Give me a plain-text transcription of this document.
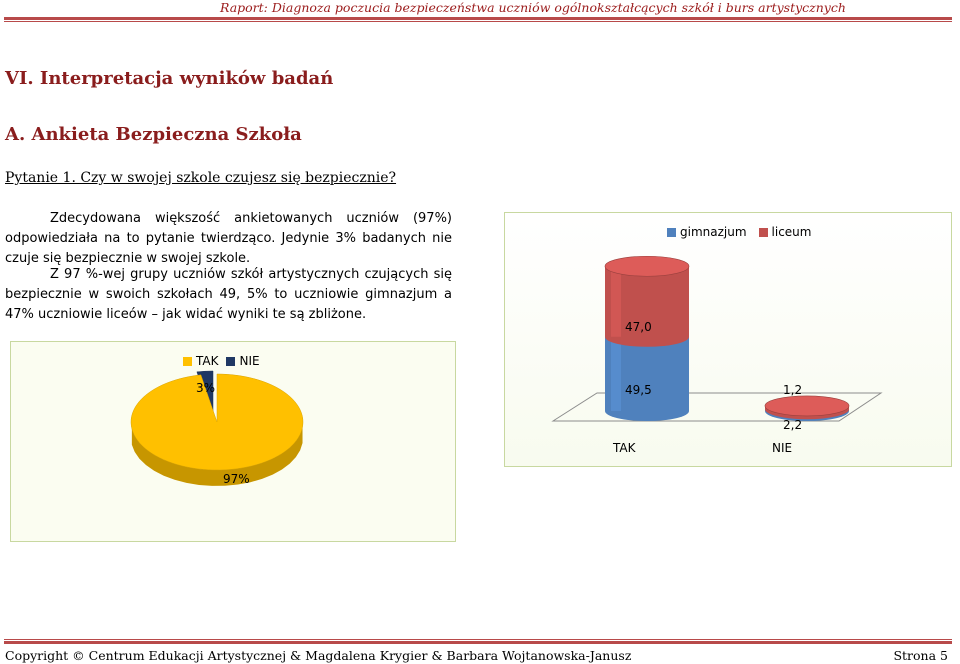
Raport: Diagnoza poczucia bezpieczeństwa uczniów ogólnokształcących szkół i burs artystycznych
VI. Interpretacja wyników badań
A. Ankieta Bezpieczna Szkoła
Pytanie 1. Czy w swojej szkole czujesz się bezpiecznie?
Zdecydowana większość ankietowanych uczniów (97%) odpowiedziała na to pytanie twierdząco. Jedynie 3% badanych nie czuje się bezpiecznie w swojej szkole.
Z 97 %-wej grupy uczniów szkół artystycznych czujących się bezpiecznie w swoich szkołach 49, 5% to uczniowie gimnazjum a 47% uczniowie liceów – jak widać wyniki te są zbliżone.
TAK NIE
3%
97%
gimnazjum liceum
47,0
49,5	1,2
2,2
TAK	NIE
Copyright © Centrum Edukacji Artystycznej & Magdalena Krygier & Barbara Wojtanowska-Janusz	Strona 5
